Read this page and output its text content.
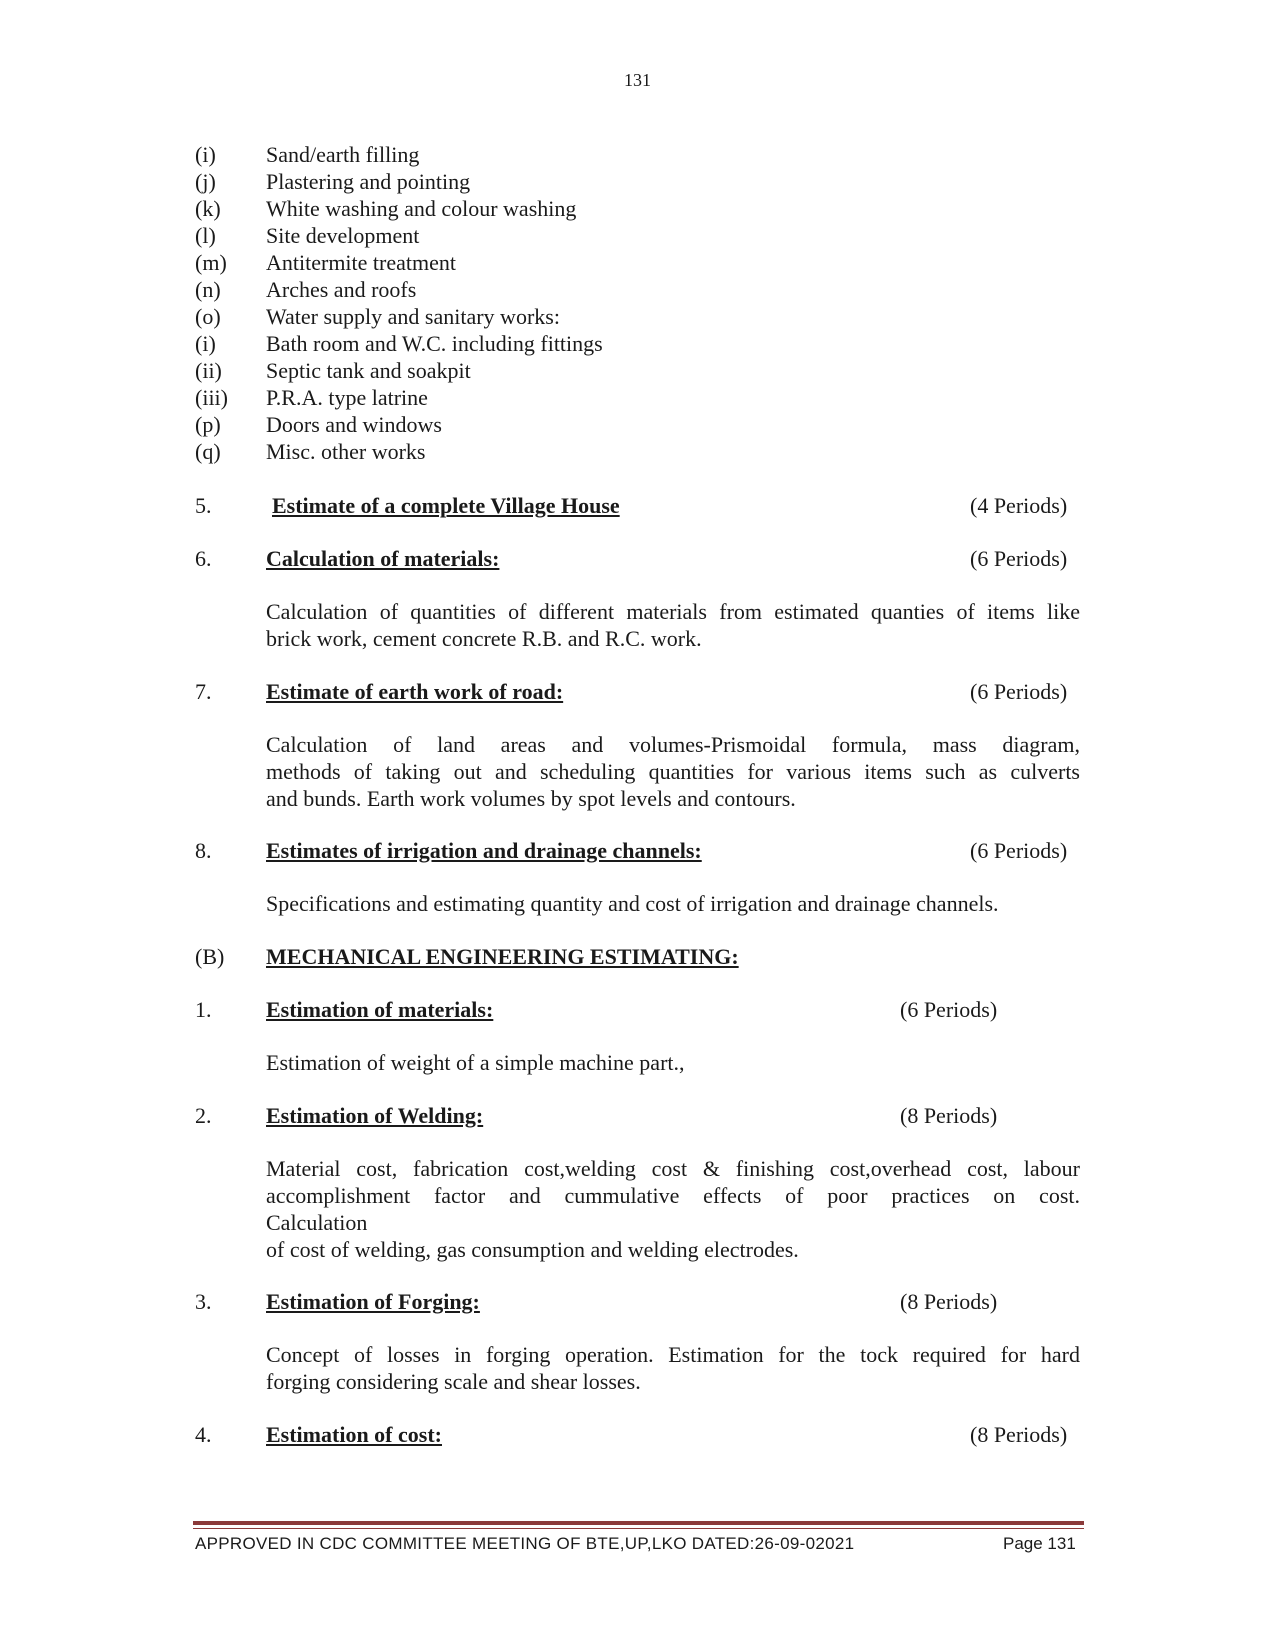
131
(i) Sand/earth filling
(j) Plastering and pointing
(k) White washing and colour washing
(l) Site development
(m) Antitermite treatment
(n) Arches and roofs
(o) Water supply and sanitary works:
(i) Bath room and W.C. including fittings
(ii) Septic tank and soakpit
(iii) P.R.A. type latrine
(p) Doors and windows
(q) Misc. other works
5.	Estimate of a complete Village House	(4 Periods)
6. Calculation of materials:	(6 Periods)
Calculation of quantities of different materials from estimated quanties of items like
brick work, cement concrete R.B. and R.C. work.
7. Estimate of earth work of road:	(6 Periods)
Calculation of land areas and volumes-Prismoidal formula, mass diagram,
methods of taking out and scheduling quantities for various items such as culverts
and bunds. Earth work volumes by spot levels and contours.
8. Estimates of irrigation and drainage channels:	(6 Periods)
Specifications and estimating quantity and cost of irrigation and drainage channels.
(B) MECHANICAL ENGINEERING ESTIMATING:
1. Estimation of materials:	(6 Periods)
Estimation of weight of a simple machine part.,
2. Estimation of Welding:	(8 Periods)
Material cost, fabrication cost,welding cost & finishing cost,overhead cost, labour
accomplishment factor and cummulative effects of poor practices on cost.
Calculation
of cost of welding, gas consumption and welding electrodes.
3. Estimation of Forging:	(8 Periods)
Concept of losses in forging operation. Estimation for the tock required for hard
forging considering scale and shear losses.
4. Estimation of cost:	(8 Periods)
APPROVED IN CDC COMMITTEE MEETING OF BTE,UP,LKO DATED:26-09-02021	Page 131
